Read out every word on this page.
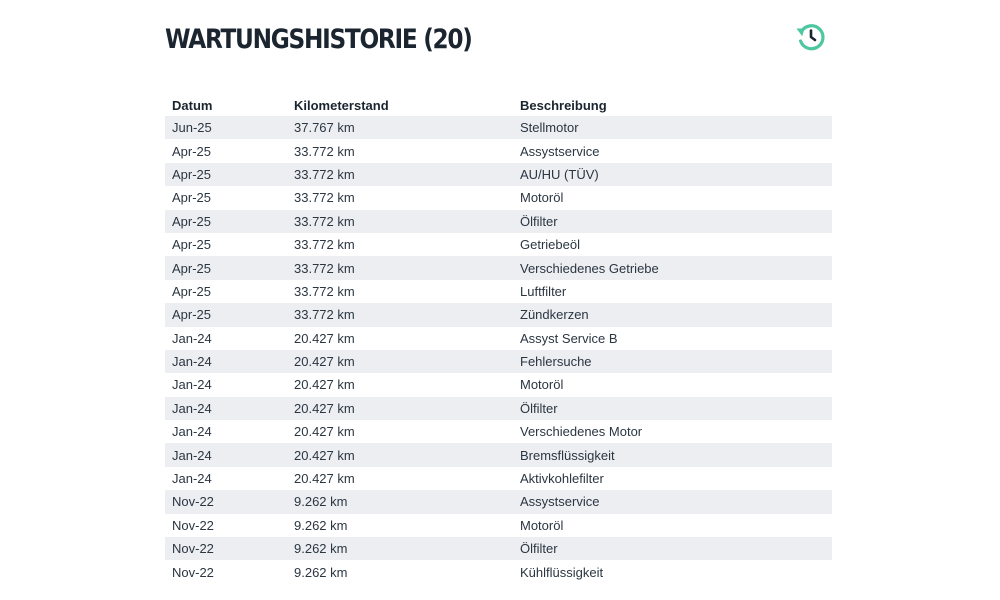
WARTUNGSHISTORIE (20)
Datum	Kilometerstand	Beschreibung
Jun-25	37.767 km	Stellmotor
Apr-25	33.772 km	Assystservice
Apr-25	33.772 km	AU/HU (TÜV)
Apr-25	33.772 km	Motoröl
Apr-25	33.772 km	Ölfilter
Apr-25	33.772 km	Getriebeöl
Apr-25	33.772 km	Verschiedenes Getriebe
Apr-25	33.772 km	Luftfilter
Apr-25	33.772 km	Zündkerzen
Jan-24	20.427 km	Assyst Service B
Jan-24	20.427 km	Fehlersuche
Jan-24	20.427 km	Motoröl
Jan-24	20.427 km	Ölfilter
Jan-24	20.427 km	Verschiedenes Motor
Jan-24	20.427 km	Bremsflüssigkeit
Jan-24	20.427 km	Aktivkohlefilter
Nov-22	9.262 km	Assystservice
Nov-22	9.262 km	Motoröl
Nov-22	9.262 km	Ölfilter
Nov-22	9.262 km	Kühlflüssigkeit
